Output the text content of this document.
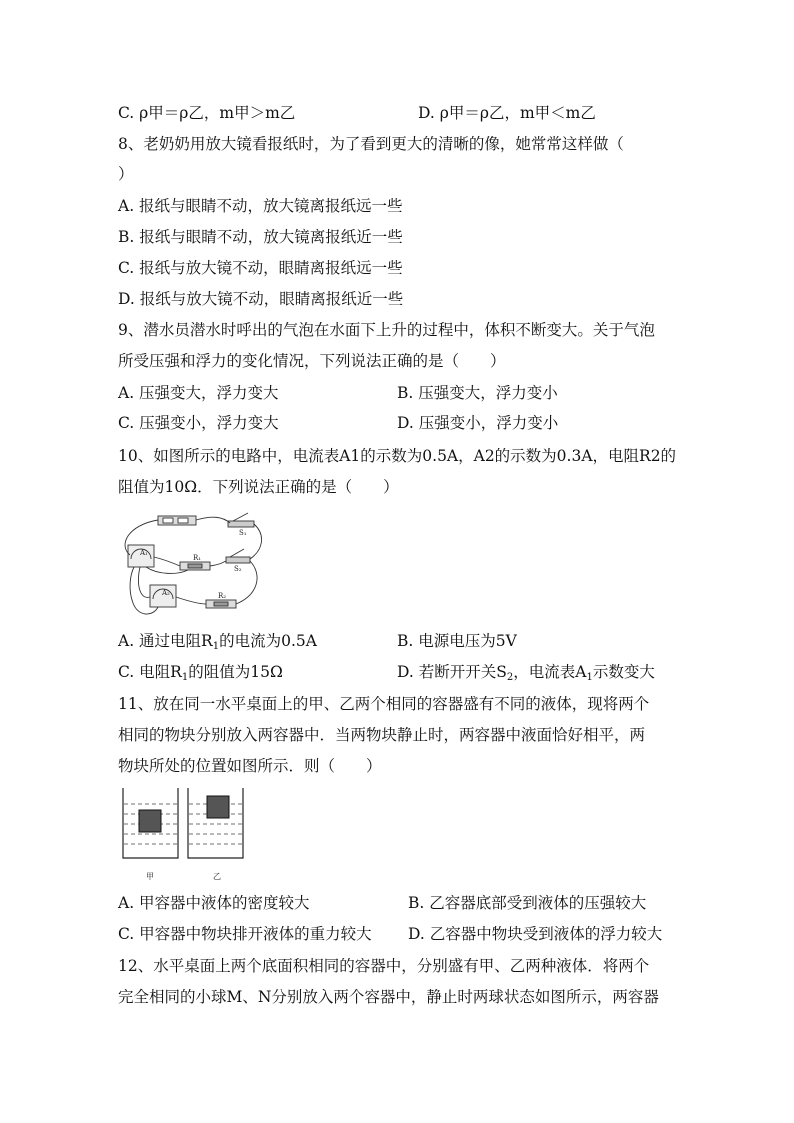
C. ρ甲＝ρ乙，m甲＞m乙	D. ρ甲＝ρ乙，m甲＜m乙
8、老奶奶用放大镜看报纸时，为了看到更大的清晰的像，她常常这样做（
）
A. 报纸与眼睛不动，放大镜离报纸远一些
B. 报纸与眼睛不动，放大镜离报纸近一些
C. 报纸与放大镜不动，眼睛离报纸远一些
D. 报纸与放大镜不动，眼睛离报纸近一些
9、潜水员潜水时呼出的气泡在水面下上升的过程中，体积不断变大。关于气泡
所受压强和浮力的变化情况，下列说法正确的是（　　）
A. 压强变大，浮力变大	B. 压强变大，浮力变小
C. 压强变小，浮力变大	D. 压强变小，浮力变小
10、如图所示的电路中，电流表A1的示数为0.5A，A2的示数为0.3A，电阻R2的
阻值为10Ω．下列说法正确的是（　　）
A₁
A₂
R₁
R₂
S₁
S₂
A. 通过电阻$R_1$的电流为0.5A	B. 电源电压为5V
C. 电阻$R_1$的阻值为15Ω	D. 若断开开关$S_2$，电流表$A_1$示数变大
11、放在同一水平桌面上的甲、乙两个相同的容器盛有不同的液体，现将两个
相同的物块分别放入两容器中．当两物块静止时，两容器中液面恰好相平，两
物块所处的位置如图所示．则（　　）
甲	乙
A. 甲容器中液体的密度较大	B. 乙容器底部受到液体的压强较大
C. 甲容器中物块排开液体的重力较大 D. 乙容器中物块受到液体的浮力较大
12、水平桌面上两个底面积相同的容器中，分别盛有甲、乙两种液体．将两个
完全相同的小球M、N分别放入两个容器中，静止时两球状态如图所示，两容器
